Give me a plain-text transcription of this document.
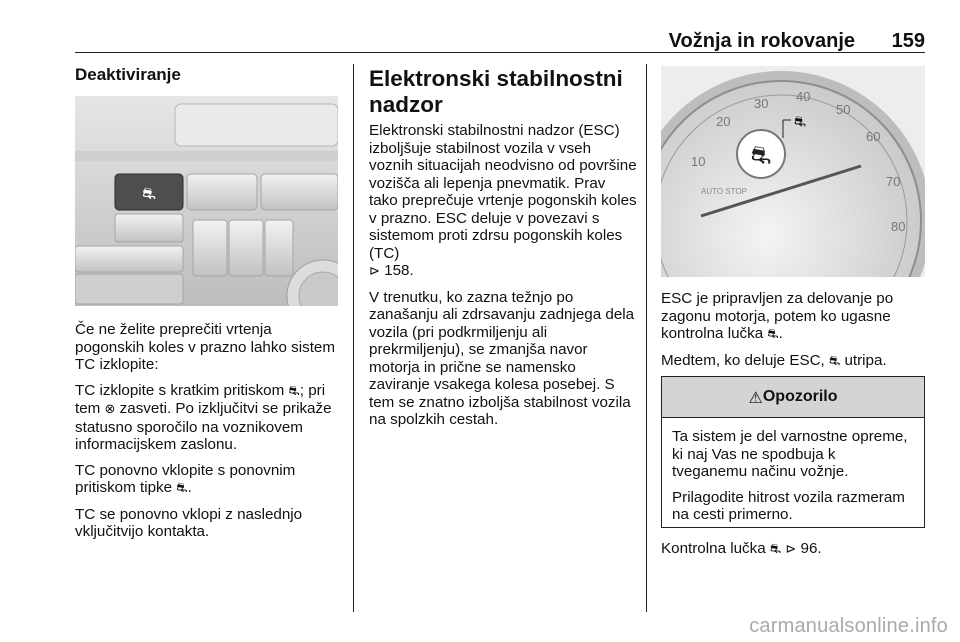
Vožnja in rokovanje 159
Deaktiviranje
⛐

Če ne želite preprečiti vrtenja pogonskih koles v prazno lahko sistem TC izklopite:

TC izklopite s kratkim pritiskom ⛐; pri tem ⊗ zasveti. Po izključitvi se prikaže statusno sporočilo na voznikovem informacijskem zaslonu.

TC ponovno vklopite s ponovnim pritiskom tipke ⛐.

TC se ponovno vklopi z naslednjo vključitvijo kontakta.

Elektronski stabilnostni nadzor

Elektronski stabilnostni nadzor (ESC) izboljšuje stabilnost vozila v vseh voznih situacijah neodvisno od površine vozišča ali lepenja pnevmatik. Prav tako preprečuje vrtenje pogonskih koles v prazno. ESC deluje v povezavi s sistemom proti zdrsu pogonskih koles (TC)
⊳ 158.

V trenutku, ko zazna težnjo po zanašanju ali zdrsavanju zadnjega dela vozila (pri podkrmiljenju ali prekrmiljenju), se zmanjša navor motorja in prične se namensko zaviranje vsakega kolesa posebej. S tem se znatno izboljša stabilnost vozila na spolzkih cestah.

10
20
30 40
50
60
70
80
AUTO STOP
⛐
⛐

ESC je pripravljen za delovanje po zagonu motorja, potem ko ugasne kontrolna lučka ⛐.

Medtem, ko deluje ESC, ⛐ utripa.

⚠ Opozorilo

Ta sistem je del varnostne opreme, ki naj Vas ne spodbuja k tveganemu načinu vožnje.

Prilagodite hitrost vozila razmeram na cesti primerno.

Kontrolna lučka ⛐ ⊳ 96.

carmanualsonline.info
